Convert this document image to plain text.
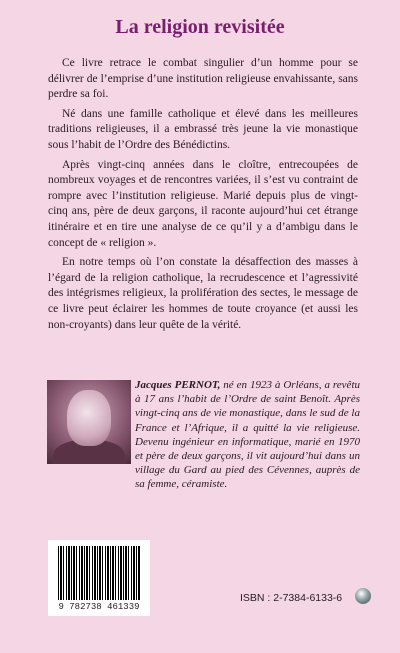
La religion revisitée

Ce livre retrace le combat singulier d’un homme pour se délivrer de l’emprise d’une institution religieuse envahissante, sans perdre sa foi.

Né dans une famille catholique et élevé dans les meilleures traditions religieuses, il a embrassé très jeune la vie monastique sous l’habit de l’Ordre des Bénédictins.

Après vingt-cinq années dans le cloître, entrecoupées de nombreux voyages et de rencontres variées, il s’est vu contraint de rompre avec l’institution religieuse. Marié depuis plus de vingt-cinq ans, père de deux garçons, il raconte aujourd’hui cet étrange itinéraire et en tire une analyse de ce qu’il y a d’ambigu dans le concept de « religion ».

En notre temps où l’on constate la désaffection des masses à l’égard de la religion catholique, la recrudescence et l’agressivité des intégrismes religieux, la prolifération des sectes, le message de ce livre peut éclairer les hommes de toute croyance (et aussi les non-croyants) dans leur quête de la vérité.

Jacques PERNOT, né en 1923 à Orléans, a revêtu à 17 ans l’habit de l’Ordre de saint Benoît. Après vingt-cinq ans de vie monastique, dans le sud de la France et l’Afrique, il a quitté la vie religieuse. Devenu ingénieur en informatique, marié en 1970 et père de deux garçons, il vit aujourd’hui dans un village du Gard au pied des Cévennes, auprès de sa femme, céramiste.
9 782738 461339
ISBN : 2-7384-6133-6
